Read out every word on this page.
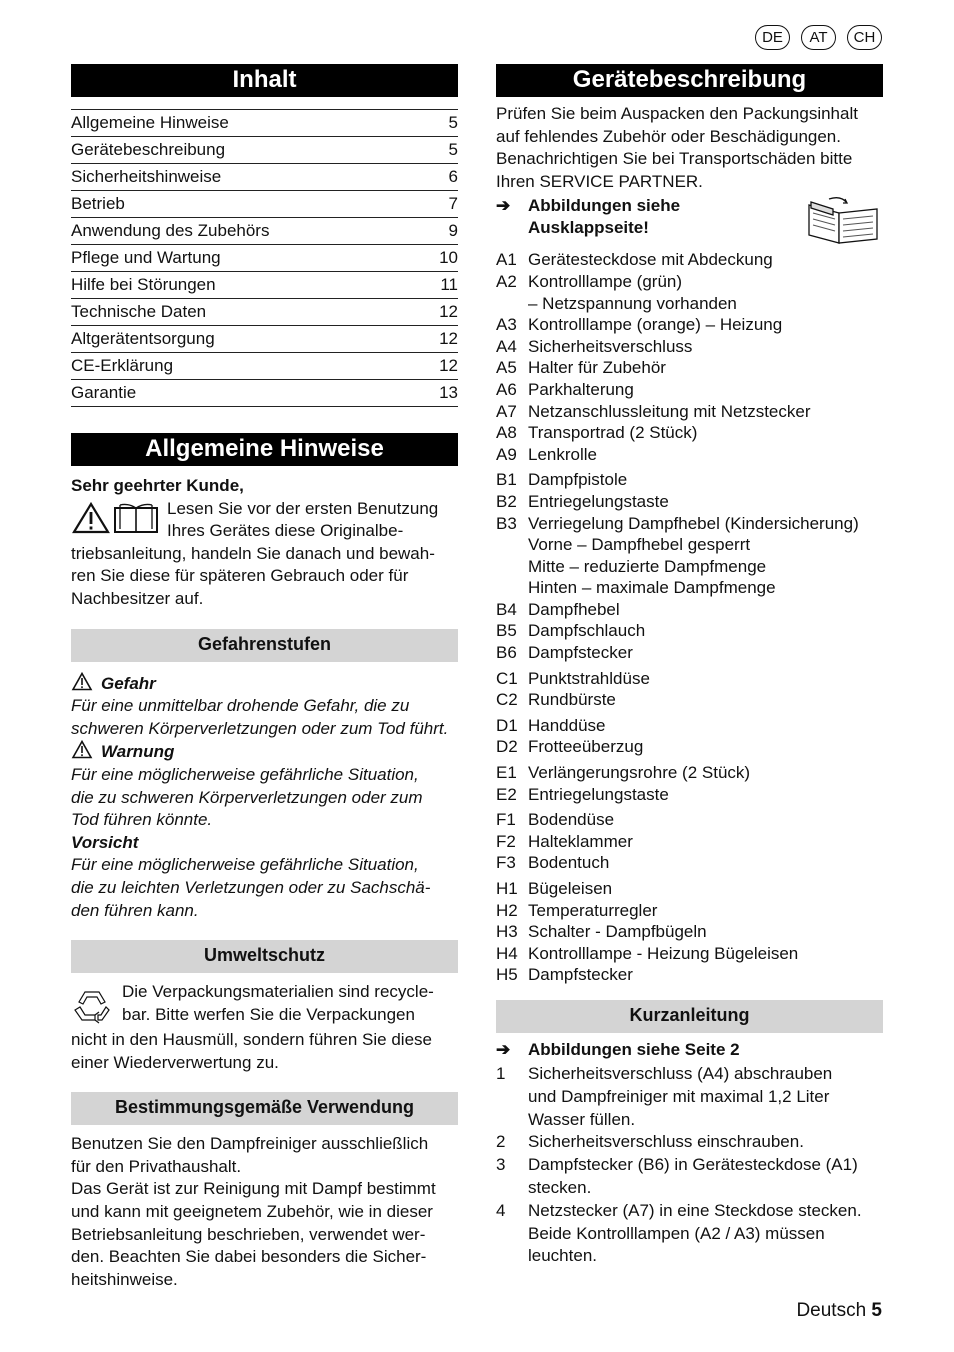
DE	AT	CH
Inhalt
Allgemeine Hinweise	5
Gerätebeschreibung	5
Sicherheitshinweise	6
Betrieb	7
Anwendung des Zubehörs	9
Pflege und Wartung	10
Hilfe bei Störungen	11
Technische Daten	12
Altgerätentsorgung	12
CE-Erklärung	12
Garantie	13
Allgemeine Hinweise

Sehr geehrter Kunde,

Lesen Sie vor der ersten Benutzung

Ihres Gerätes diese Originalbe-

triebsanleitung, handeln Sie danach und bewah-

ren Sie diese für späteren Gebrauch oder für

Nachbesitzer auf.

Gefahrenstufen

Gefahr

Für eine unmittelbar drohende Gefahr, die zu

schweren Körperverletzungen oder zum Tod führt.

Warnung

Für eine möglicherweise gefährliche Situation,

die zu schweren Körperverletzungen oder zum

Tod führen könnte.

Vorsicht

Für eine möglicherweise gefährliche Situation,

die zu leichten Verletzungen oder zu Sachschä-

den führen kann.

Umweltschutz

Die Verpackungsmaterialien sind recycle-

bar. Bitte werfen Sie die Verpackungen

nicht in den Hausmüll, sondern führen Sie diese

einer Wiederverwertung zu.

Bestimmungsgemäße Verwendung

Benutzen Sie den Dampfreiniger ausschließlich

für den Privathaushalt.

Das Gerät ist zur Reinigung mit Dampf bestimmt

und kann mit geeignetem Zubehör, wie in dieser

Betriebsanleitung beschrieben, verwendet wer-

den. Beachten Sie dabei besonders die Sicher-

heitshinweise.

Gerätebeschreibung

Prüfen Sie beim Auspacken den Packungsinhalt

auf fehlendes Zubehör oder Beschädigungen.

Benachrichtigen Sie bei Transportschäden bitte

Ihren SERVICE PARTNER.

➔	Abbildungen siehe
Ausklappseite!
A1 Gerätesteckdose mit Abdeckung
A2 Kontrolllampe (grün)
– Netzspannung vorhanden
A3 Kontrolllampe (orange) – Heizung
A4 Sicherheitsverschluss
A5 Halter für Zubehör
A6 Parkhalterung
A7 Netzanschlussleitung mit Netzstecker
A8 Transportrad (2 Stück)
A9 Lenkrolle
B1 Dampfpistole
B2 Entriegelungstaste
B3 Verriegelung Dampfhebel (Kindersicherung)
Vorne – Dampfhebel gesperrt
Mitte – reduzierte Dampfmenge
Hinten – maximale Dampfmenge
B4 Dampfhebel
B5 Dampfschlauch
B6 Dampfstecker
C1 Punktstrahldüse
C2 Rundbürste
D1 Handdüse
D2 Frotteeüberzug
E1 Verlängerungsrohre (2 Stück)
E2 Entriegelungstaste
F1 Bodendüse
F2 Halteklammer
F3 Bodentuch
H1 Bügeleisen
H2 Temperaturregler
H3 Schalter - Dampfbügeln
H4 Kontrolllampe - Heizung Bügeleisen
H5 Dampfstecker
Kurzanleitung
➔	Abbildungen siehe Seite 2
1	Sicherheitsverschluss (A4) abschrauben
und Dampfreiniger mit maximal 1,2 Liter
Wasser füllen.
2	Sicherheitsverschluss einschrauben.
3	Dampfstecker (B6) in Gerätesteckdose (A1)
stecken.
4	Netzstecker (A7) in eine Steckdose stecken.
Beide Kontrolllampen (A2 / A3) müssen
leuchten.
Deutsch 5
